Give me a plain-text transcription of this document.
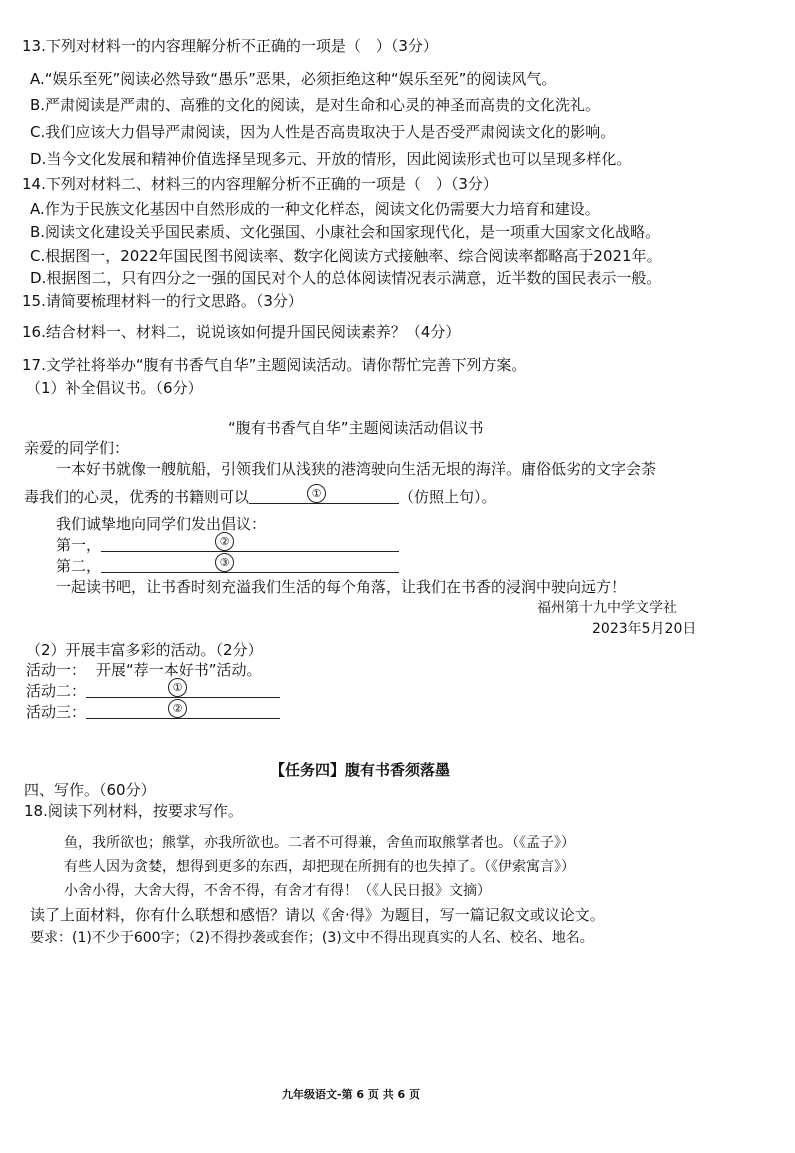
13.下列对材料一的内容理解分析不正确的一项是（　）（3分）
A.“娱乐至死”阅读必然导致“愚乐”恶果，必须拒绝这种“娱乐至死”的阅读风气。
B.严肃阅读是严肃的、高雅的文化的阅读，是对生命和心灵的神圣而高贵的文化洗礼。
C.我们应该大力倡导严肃阅读，因为人性是否高贵取决于人是否受严肃阅读文化的影响。
D.当今文化发展和精神价值选择呈现多元、开放的情形，因此阅读形式也可以呈现多样化。
14.下列对材料二、材料三的内容理解分析不正确的一项是（　）（3分）
A.作为于民族文化基因中自然形成的一种文化样态，阅读文化仍需要大力培育和建设。
B.阅读文化建设关乎国民素质、文化强国、小康社会和国家现代化，是一项重大国家文化战略。
C.根据图一，2022年国民图书阅读率、数字化阅读方式接触率、综合阅读率都略高于2021年。
D.根据图二，只有四分之一强的国民对个人的总体阅读情况表示满意，近半数的国民表示一般。
15.请简要梳理材料一的行文思路。（3分）
16.结合材料一、材料二，说说该如何提升国民阅读素养？（4分）
17.文学社将举办“腹有书香气自华”主题阅读活动。请你帮忙完善下列方案。
（1）补全倡议书。（6分）
“腹有书香气自华”主题阅读活动倡议书
亲爱的同学们：
一本好书就像一艘航船，引领我们从浅狭的港湾驶向生活无垠的海洋。庸俗低劣的文字会荼
毒我们的心灵，优秀的书籍则可以	①	（仿照上句）。
我们诚挚地向同学们发出倡议：
第一，	②
第二，	③
一起读书吧，让书香时刻充溢我们生活的每个角落，让我们在书香的浸润中驶向远方！
福州第十九中学文学社
2023年5月20日
（2）开展丰富多彩的活动。（2分）
活动一： 开展“荐一本好书”活动。
活动二：	①
活动三：	②
【任务四】腹有书香须落墨
四、写作。（60分）
18.阅读下列材料，按要求写作。
鱼，我所欲也；熊掌，亦我所欲也。二者不可得兼，舍鱼而取熊掌者也。（《孟子》）
有些人因为贪婪，想得到更多的东西，却把现在所拥有的也失掉了。（《伊索寓言》）
小舍小得，大舍大得，不舍不得，有舍才有得！（《人民日报》文摘）
读了上面材料，你有什么联想和感悟？请以《舍·得》为题目，写一篇记叙文或议论文。
要求：(1)不少于600字；（2)不得抄袭或套作；(3)文中不得出现真实的人名、校名、地名。
九年级语文-第 6 页 共 6 页
